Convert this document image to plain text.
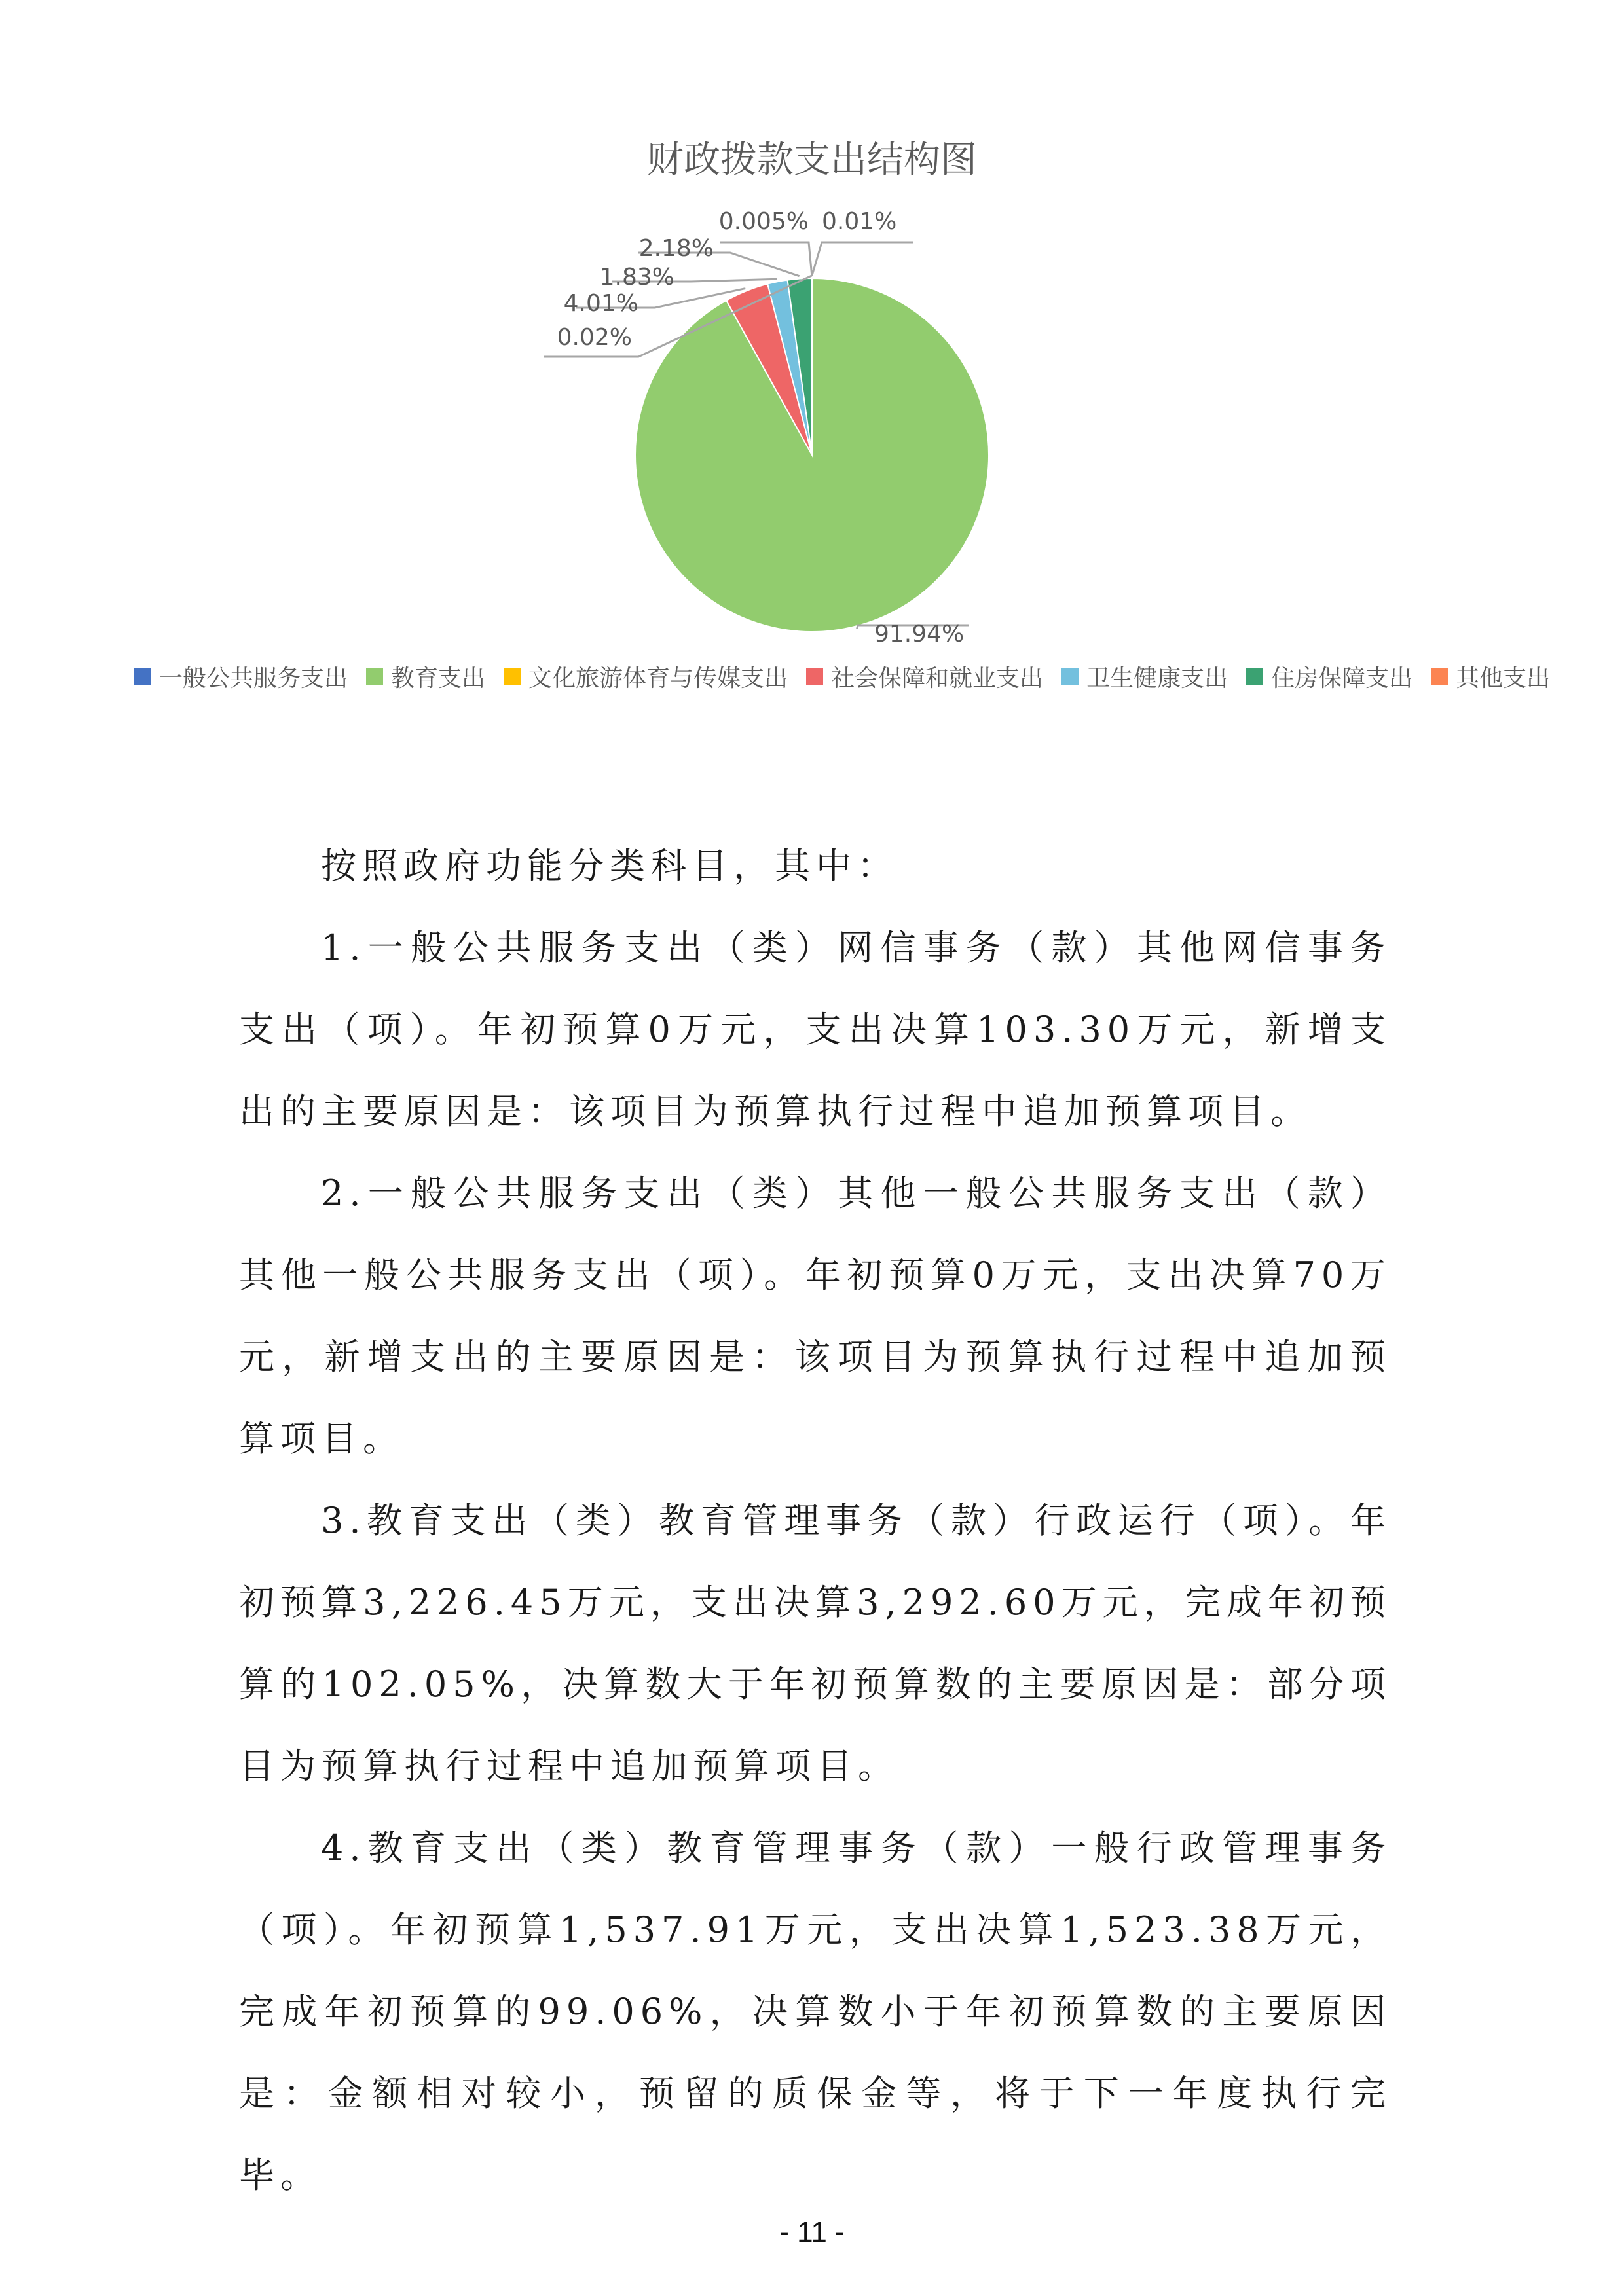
财政拨款支出结构图
91.94%
4.01%
1.83%
2.18%
0.02%
0.005% 0.01%
一般公共服务支出 教育支出 文化旅游体育与传媒支出 社会保障和就业支出 卫生健康支出 住房保障支出 其他支出

按照政府功能分类科目，其中：

1.一般公共服务支出（类）网信事务（款）其他网信事务支出（项）。年初预算0万元，支出决算103.30万元，新增支出的主要原因是：该项目为预算执行过程中追加预算项目。

2.一般公共服务支出（类）其他一般公共服务支出（款）其他一般公共服务支出（项）。年初预算0万元，支出决算70万元，新增支出的主要原因是：该项目为预算执行过程中追加预算项目。

3.教育支出（类）教育管理事务（款）行政运行（项）。年初预算3,226.45万元，支出决算3,292.60万元，完成年初预算的102.05%，决算数大于年初预算数的主要原因是：部分项目为预算执行过程中追加预算项目。

4.教育支出（类）教育管理事务（款）一般行政管理事务（项）。年初预算1,537.91万元，支出决算1,523.38万元，完成年初预算的99.06%，决算数小于年初预算数的主要原因是：金额相对较小，预留的质保金等，将于下一年度执行完毕。

- 11 -
